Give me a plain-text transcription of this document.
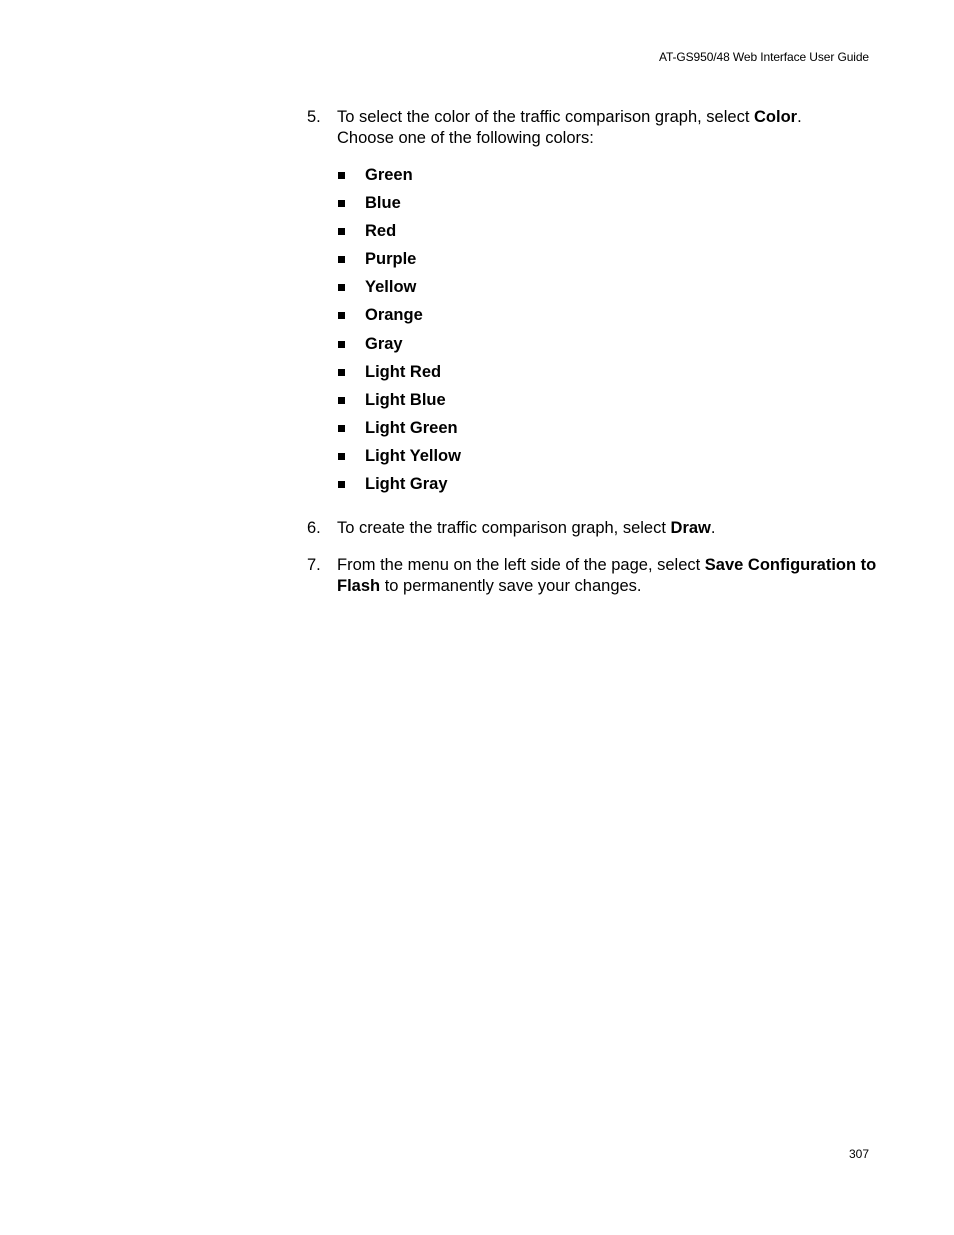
AT-GS950/48 Web Interface User Guide
5. To select the color of the traffic comparison graph, select Color.
Choose one of the following colors:
Green
Blue
Red
Purple
Yellow
Orange
Gray
Light Red
Light Blue
Light Green
Light Yellow
Light Gray
6. To create the traffic comparison graph, select Draw.
7. From the menu on the left side of the page, select Save Configuration to Flash to permanently save your changes.
307
